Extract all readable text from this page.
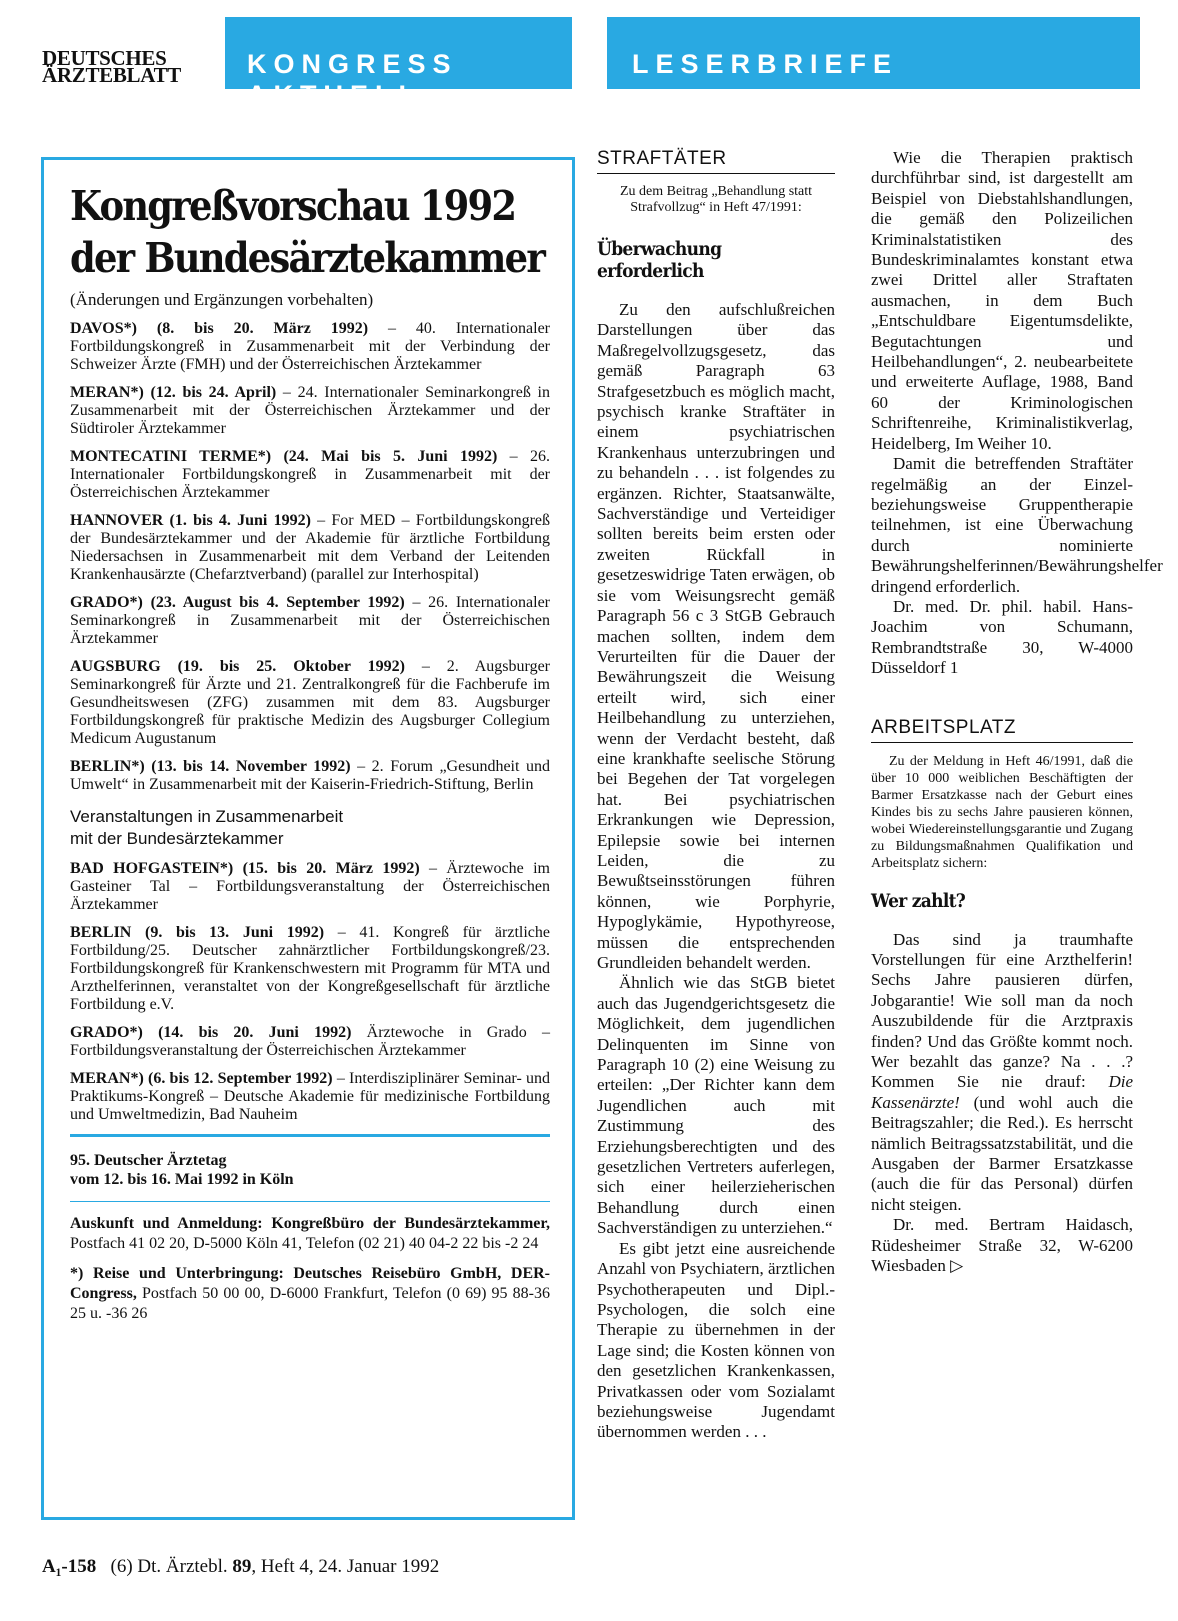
DEUTSCHES
ÄRZTEBLATT	KONGRESS AKTUELL
LESERBRIEFE
Kongreßvorschau 1992
der Bundesärztekammer
(Änderungen und Ergänzungen vorbehalten)
DAVOS*) (8. bis 20. März 1992) – 40. Internationaler Fortbildungskongreß in Zusammenarbeit mit der Verbindung der Schweizer Ärzte (FMH) und der Österreichischen Ärztekammer
MERAN*) (12. bis 24. April) – 24. Internationaler Seminarkongreß in Zusammenarbeit mit der Österreichischen Ärztekammer und der Südtiroler Ärztekammer
MONTECATINI TERME*) (24. Mai bis 5. Juni 1992) – 26. Internationaler Fortbildungskongreß in Zusammenarbeit mit der Österreichischen Ärztekammer
HANNOVER (1. bis 4. Juni 1992) – For MED – Fortbildungskongreß der Bundesärztekammer und der Akademie für ärztliche Fortbildung Niedersachsen in Zusammenarbeit mit dem Verband der Leitenden Krankenhausärzte (Chefarztverband) (parallel zur Interhospital)
GRADO*) (23. August bis 4. September 1992) – 26. Internationaler Seminarkongreß in Zusammenarbeit mit der Österreichischen Ärztekammer
AUGSBURG (19. bis 25. Oktober 1992) – 2. Augsburger Seminarkongreß für Ärzte und 21. Zentralkongreß für die Fachberufe im Gesundheitswesen (ZFG) zusammen mit dem 83. Augsburger Fortbildungskongreß für praktische Medizin des Augsburger Collegium Medicum Augustanum
BERLIN*) (13. bis 14. November 1992) – 2. Forum „Gesundheit und Umwelt“ in Zusammenarbeit mit der Kaiserin-Friedrich-Stiftung, Berlin
Veranstaltungen in Zusammenarbeit
mit der Bundesärztekammer
BAD HOFGASTEIN*) (15. bis 20. März 1992) – Ärztewoche im Gasteiner Tal – Fortbildungsveranstaltung der Österreichischen Ärztekammer
BERLIN (9. bis 13. Juni 1992) – 41. Kongreß für ärztliche Fortbildung/25. Deutscher zahnärztlicher Fortbildungskongreß/23. Fortbildungskongreß für Krankenschwestern mit Programm für MTA und Arzthelferinnen, veranstaltet von der Kongreßgesellschaft für ärztliche Fortbildung e.V.
GRADO*) (14. bis 20. Juni 1992) Ärztewoche in Grado – Fortbildungsveranstaltung der Österreichischen Ärztekammer
MERAN*) (6. bis 12. September 1992) – Interdisziplinärer Seminar- und Praktikums-Kongreß – Deutsche Akademie für medizinische Fortbildung und Umweltmedizin, Bad Nauheim
95. Deutscher Ärztetag
vom 12. bis 16. Mai 1992 in Köln
Auskunft und Anmeldung: Kongreßbüro der Bundesärztekammer, Postfach 41 02 20, D-5000 Köln 41, Telefon (02 21) 40 04-2 22 bis -2 24
*) Reise und Unterbringung: Deutsches Reisebüro GmbH, DER-Congress, Postfach 50 00 00, D-6000 Frankfurt, Telefon (0 69) 95 88-36 25 u. -36 26
STRAFTÄTER
Zu dem Beitrag „Behandlung statt Strafvollzug“ in Heft 47/1991:
Überwachung erforderlich

Zu den aufschlußreichen Darstellungen über das Maßregelvollzugsgesetz, das gemäß Paragraph 63 Strafgesetzbuch es möglich macht, psychisch kranke Straftäter in einem psychiatrischen Krankenhaus unterzubringen und zu behandeln . . . ist folgendes zu ergänzen. Richter, Staatsanwälte, Sachverständige und Verteidiger sollten bereits beim ersten oder zweiten Rückfall in gesetzeswidrige Taten erwägen, ob sie vom Weisungsrecht gemäß Paragraph 56 c 3 StGB Gebrauch machen sollten, indem dem Verurteilten für die Dauer der Bewährungszeit die Weisung erteilt wird, sich einer Heilbehandlung zu unterziehen, wenn der Verdacht besteht, daß eine krankhafte seelische Störung bei Begehen der Tat vorgelegen hat. Bei psychiatrischen Erkrankungen wie Depression, Epilepsie sowie bei internen Leiden, die zu Bewußtseinsstörungen führen können, wie Porphyrie, Hypoglykämie, Hypothyreose, müssen die entsprechenden Grundleiden behandelt werden.

Ähnlich wie das StGB bietet auch das Jugendgerichtsgesetz die Möglichkeit, dem jugendlichen Delinquenten im Sinne von Paragraph 10 (2) eine Weisung zu erteilen: „Der Richter kann dem Jugendlichen auch mit Zustimmung des Erziehungsberechtigten und des gesetzlichen Vertreters auferlegen, sich einer heilerzieherischen Behandlung durch einen Sachverständigen zu unterziehen.“

Es gibt jetzt eine ausreichende Anzahl von Psychiatern, ärztlichen Psychotherapeuten und Dipl.-Psychologen, die solch eine Therapie zu übernehmen in der Lage sind; die Kosten können von den gesetzlichen Krankenkassen, Privatkassen oder vom Sozialamt beziehungsweise Jugendamt übernommen werden . . .

Wie die Therapien praktisch durchführbar sind, ist dargestellt am Beispiel von Diebstahlshandlungen, die gemäß den Polizeilichen Kriminalstatistiken des Bundeskriminalamtes konstant etwa zwei Drittel aller Straftaten ausmachen, in dem Buch „Entschuldbare Eigentumsdelikte, Begutachtungen und Heilbehandlungen“, 2. neubearbeitete und erweiterte Auflage, 1988, Band 60 der Kriminologischen Schriftenreihe, Kriminalistikverlag, Heidelberg, Im Weiher 10.

Damit die betreffenden Straftäter regelmäßig an der Einzel- beziehungsweise Gruppentherapie teilnehmen, ist eine Überwachung durch nominierte Bewährungshelferinnen/Bewährungshelfer dringend erforderlich.

Dr. med. Dr. phil. habil. Hans-Joachim von Schumann, Rembrandtstraße 30, W-4000 Düsseldorf 1

ARBEITSPLATZ
Zu der Meldung in Heft 46/1991, daß die über 10 000 weiblichen Beschäftigten der Barmer Ersatzkasse nach der Geburt eines Kindes bis zu sechs Jahre pausieren können, wobei Wiedereinstellungsgarantie und Zugang zu Bildungsmaßnahmen Qualifikation und Arbeitsplatz sichern:
Wer zahlt?

Das sind ja traumhafte Vorstellungen für eine Arzthelferin! Sechs Jahre pausieren dürfen, Jobgarantie! Wie soll man da noch Auszubildende für die Arztpraxis finden? Und das Größte kommt noch. Wer bezahlt das ganze? Na . . .? Kommen Sie nie drauf: Die Kassenärzte! (und wohl auch die Beitragszahler; die Red.). Es herrscht nämlich Beitragssatzstabilität, und die Ausgaben der Barmer Ersatzkasse (auch die für das Personal) dürfen nicht steigen.

Dr. med. Bertram Haidasch, Rüdesheimer Straße 32, W-6200 Wiesbaden ▷

A₁-158 (6) Dt. Ärztebl. 89, Heft 4, 24. Januar 1992
